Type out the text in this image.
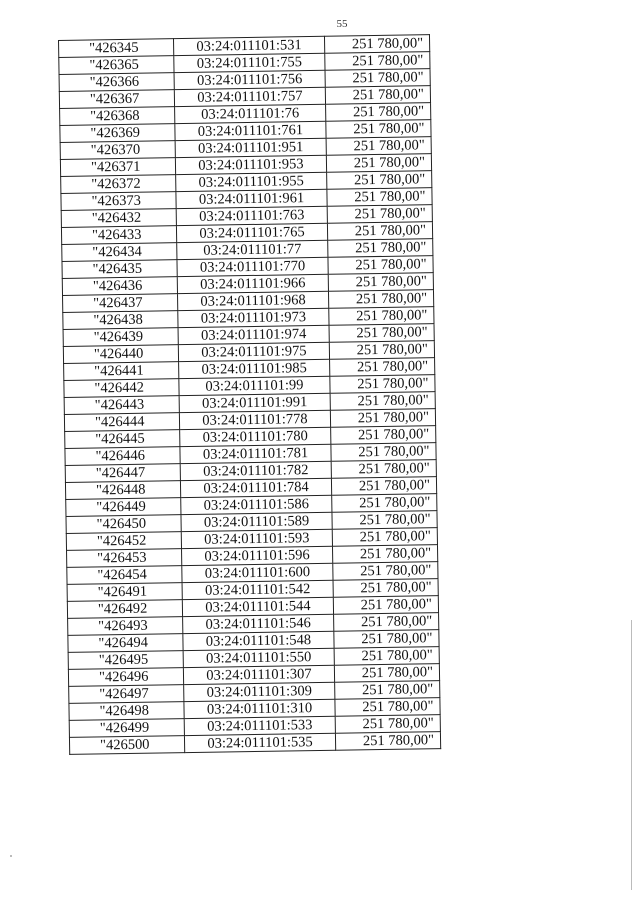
55
"426345	03:24:011101:531	251 780,00"
"426365	03:24:011101:755	251 780,00"
"426366	03:24:011101:756	251 780,00"
"426367	03:24:011101:757	251 780,00"
"426368	03:24:011101:76	251 780,00"
"426369	03:24:011101:761	251 780,00"
"426370	03:24:011101:951	251 780,00"
"426371	03:24:011101:953	251 780,00"
"426372	03:24:011101:955	251 780,00"
"426373	03:24:011101:961	251 780,00"
"426432	03:24:011101:763	251 780,00"
"426433	03:24:011101:765	251 780,00"
"426434	03:24:011101:77	251 780,00"
"426435	03:24:011101:770	251 780,00"
"426436	03:24:011101:966	251 780,00"
"426437	03:24:011101:968	251 780,00"
"426438	03:24:011101:973	251 780,00"
"426439	03:24:011101:974	251 780,00"
"426440	03:24:011101:975	251 780,00"
"426441	03:24:011101:985	251 780,00"
"426442	03:24:011101:99	251 780,00"
"426443	03:24:011101:991	251 780,00"
"426444	03:24:011101:778	251 780,00"
"426445	03:24:011101:780	251 780,00"
"426446	03:24:011101:781	251 780,00"
"426447	03:24:011101:782	251 780,00"
"426448	03:24:011101:784	251 780,00"
"426449	03:24:011101:586	251 780,00"
"426450	03:24:011101:589	251 780,00"
"426452	03:24:011101:593	251 780,00"
"426453	03:24:011101:596	251 780,00"
"426454	03:24:011101:600	251 780,00"
"426491	03:24:011101:542	251 780,00"
"426492	03:24:011101:544	251 780,00"
"426493	03:24:011101:546	251 780,00"
"426494	03:24:011101:548	251 780,00"
"426495	03:24:011101:550	251 780,00"
"426496	03:24:011101:307	251 780,00"
"426497	03:24:011101:309	251 780,00"
"426498	03:24:011101:310	251 780,00"
"426499	03:24:011101:533	251 780,00"
"426500	03:24:011101:535	251 780,00"
